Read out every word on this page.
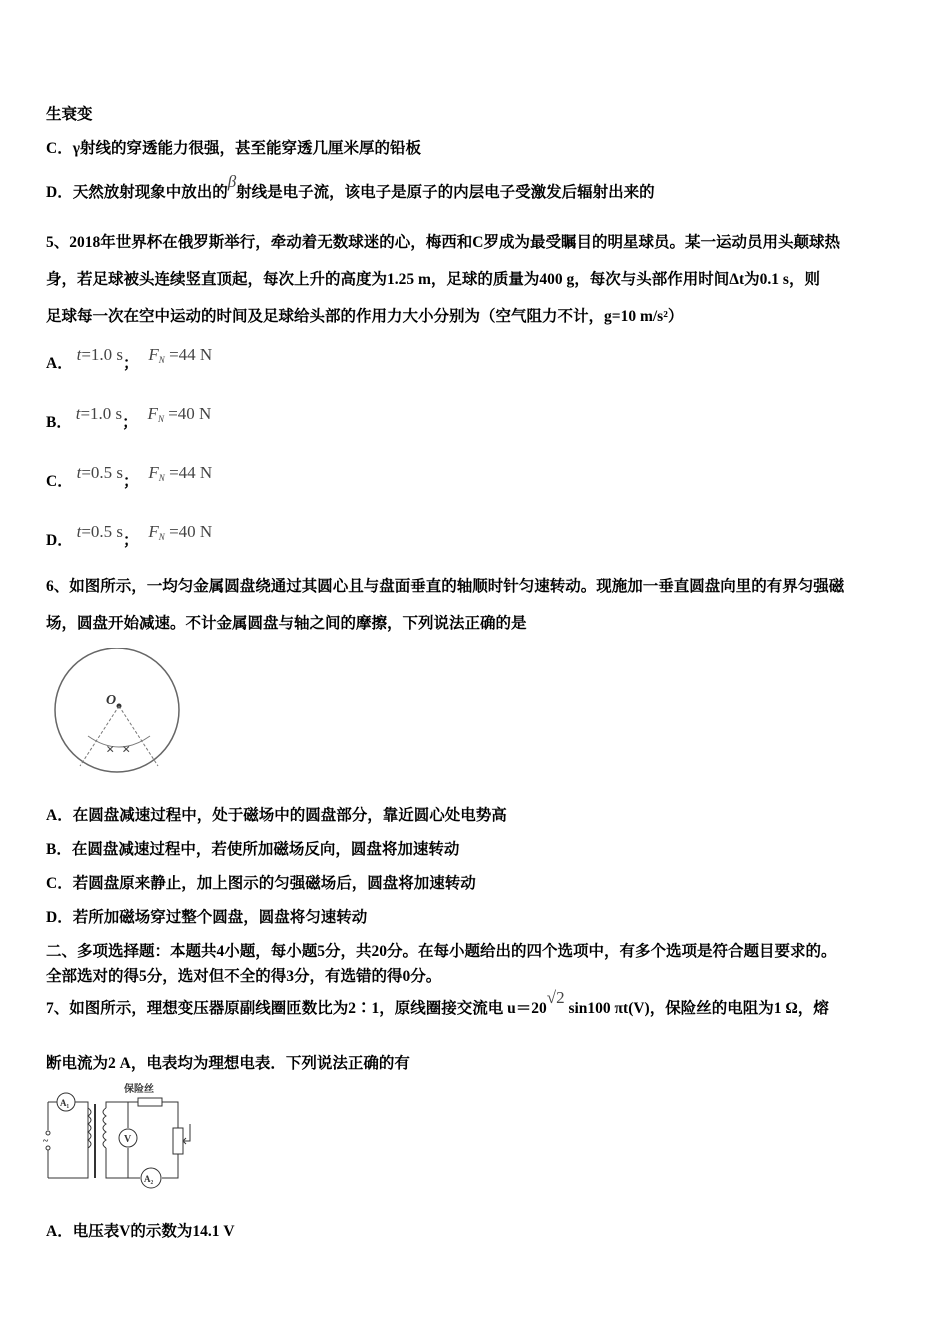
生衰变
C．γ射线的穿透能力很强，甚至能穿透几厘米厚的铅板
D．天然放射现象中放出的β射线是电子流，该电子是原子的内层电子受激发后辐射出来的
5、2018年世界杯在俄罗斯举行，牵动着无数球迷的心，梅西和C罗成为最受瞩目的明星球员。某一运动员用头颠球热
身，若足球被头连续竖直顶起，每次上升的高度为1.25 m，足球的质量为400 g，每次与头部作用时间Δt为0.1 s，则
足球每一次在空中运动的时间及足球给头部的作用力大小分别为（空气阻力不计，g=10 m/s²）
A． t=1.0 s； $F_N =44$ N
B． t=1.0 s； $F_N =40$ N
C． t=0.5 s； $F_N =44$ N
D． t=0.5 s； $F_N =40$ N
6、如图所示，一均匀金属圆盘绕通过其圆心且与盘面垂直的轴顺时针匀速转动。现施加一垂直圆盘向里的有界匀强磁
场，圆盘开始减速。不计金属圆盘与轴之间的摩擦，下列说法正确的是
O
× ×
A．在圆盘减速过程中，处于磁场中的圆盘部分，靠近圆心处电势高
B．在圆盘减速过程中，若使所加磁场反向，圆盘将加速转动
C．若圆盘原来静止，加上图示的匀强磁场后，圆盘将加速转动
D．若所加磁场穿过整个圆盘，圆盘将匀速转动
二、多项选择题：本题共4小题，每小题5分，共20分。在每小题给出的四个选项中，有多个选项是符合题目要求的。
全部选对的得5分，选对但不全的得3分，有选错的得0分。
7、如图所示，理想变压器原副线圈匝数比为2∶1，原线圈接交流电 u＝20√2 sin100 πt(V)，保险丝的电阻为1 Ω，熔
断电流为2 A，电表均为理想电表．下列说法正确的有
A₁
~
保险丝
V
A₂
A．电压表V的示数为14.1 V
